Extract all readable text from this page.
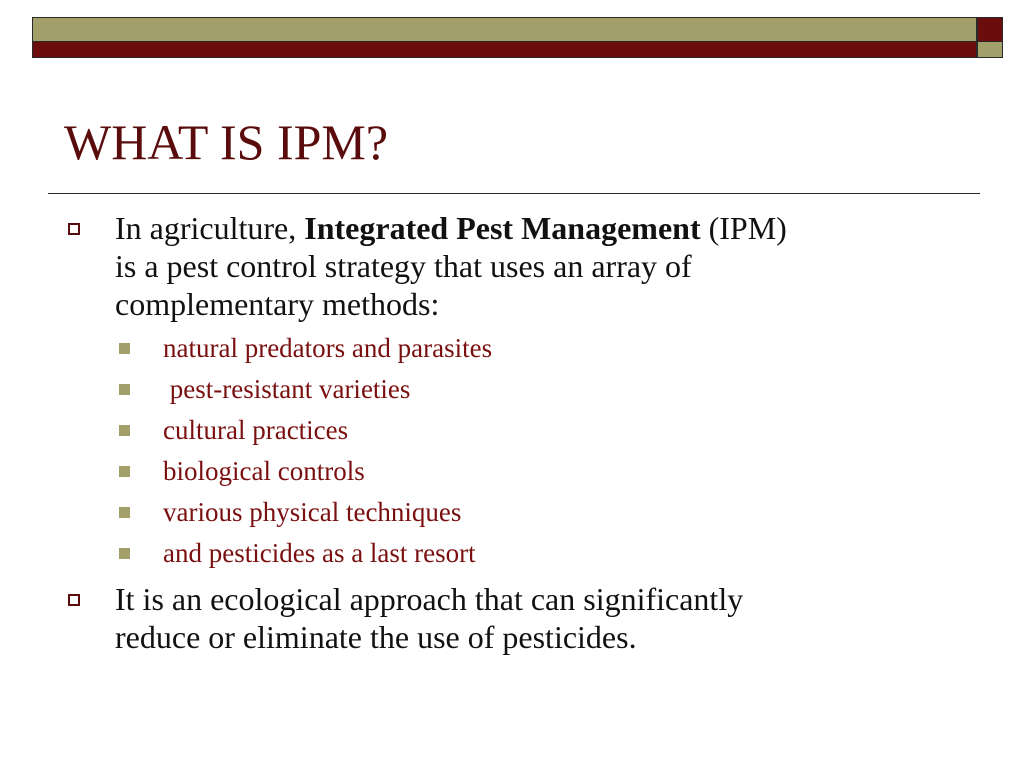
WHAT IS IPM?
In agriculture, Integrated Pest Management (IPM)
is a pest control strategy that uses an array of
complementary methods:
natural predators and parasites
pest-resistant varieties
cultural practices
biological controls
various physical techniques
and pesticides as a last resort
It is an ecological approach that can significantly
reduce or eliminate the use of pesticides.
